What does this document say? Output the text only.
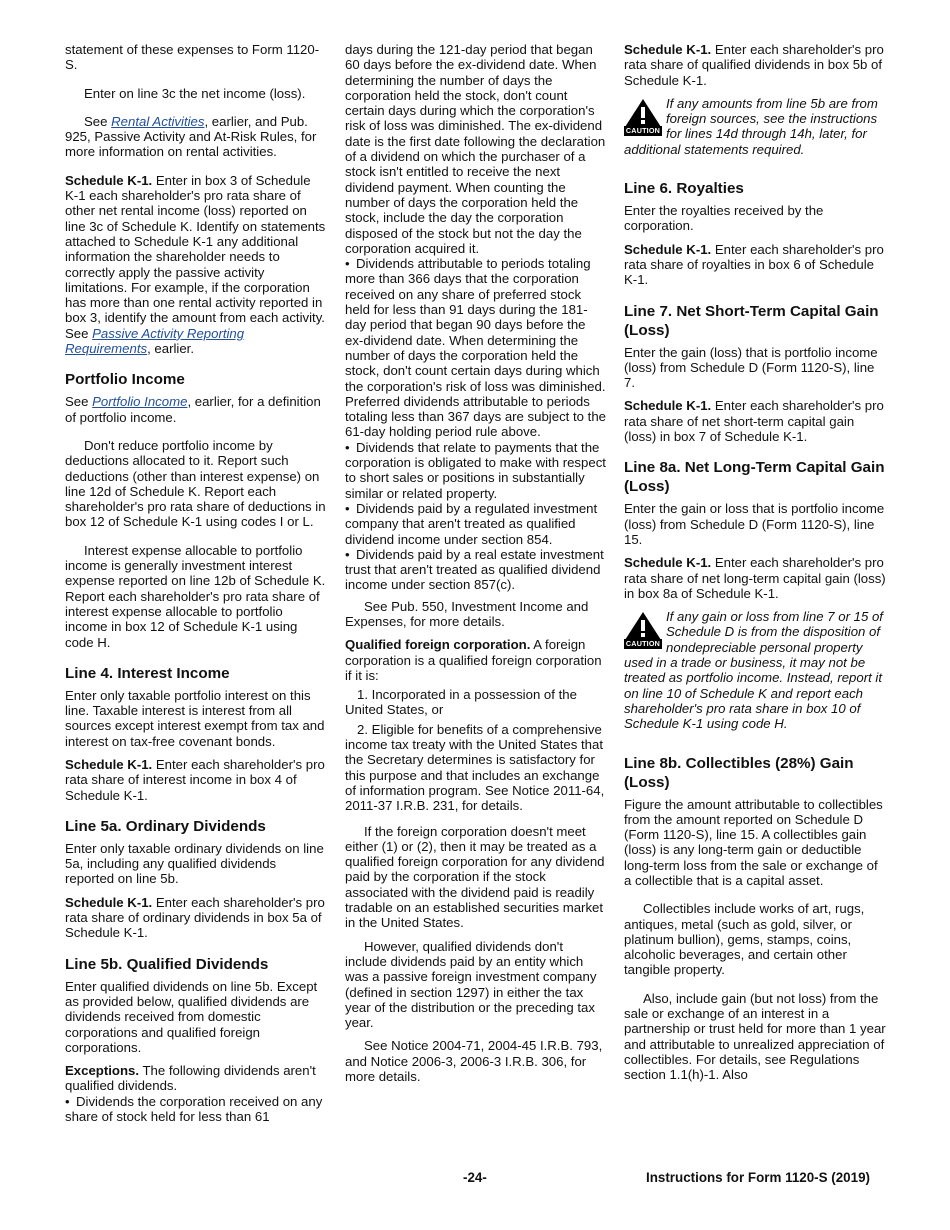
statement of these expenses to Form 1120-S.

Enter on line 3c the net income (loss).

See Rental Activities, earlier, and Pub. 925, Passive Activity and At-Risk Rules, for more information on rental activities.

Schedule K-1. Enter in box 3 of Schedule K-1 each shareholder's pro rata share of other net rental income (loss) reported on line 3c of Schedule K. Identify on statements attached to Schedule K-1 any additional information the shareholder needs to correctly apply the passive activity limitations. For example, if the corporation has more than one rental activity reported in box 3, identify the amount from each activity. See Passive Activity Reporting Requirements, earlier.

Portfolio Income

See Portfolio Income, earlier, for a definition of portfolio income.

Don't reduce portfolio income by deductions allocated to it. Report such deductions (other than interest expense) on line 12d of Schedule K. Report each shareholder's pro rata share of deductions in box 12 of Schedule K-1 using codes I or L.

Interest expense allocable to portfolio income is generally investment interest expense reported on line 12b of Schedule K. Report each shareholder's pro rata share of interest expense allocable to portfolio income in box 12 of Schedule K-1 using code H.

Line 4. Interest Income

Enter only taxable portfolio interest on this line. Taxable interest is interest from all sources except interest exempt from tax and interest on tax-free covenant bonds.

Schedule K-1. Enter each shareholder's pro rata share of interest income in box 4 of Schedule K-1.

Line 5a. Ordinary Dividends

Enter only taxable ordinary dividends on line 5a, including any qualified dividends reported on line 5b.

Schedule K-1. Enter each shareholder's pro rata share of ordinary dividends in box 5a of Schedule K-1.

Line 5b. Qualified Dividends

Enter qualified dividends on line 5b. Except as provided below, qualified dividends are dividends received from domestic corporations and qualified foreign corporations.

Exceptions. The following dividends aren't qualified dividends.

• Dividends the corporation received on any share of stock held for less than 61

days during the 121-day period that began 60 days before the ex-dividend date. When determining the number of days the corporation held the stock, don't count certain days during which the corporation's risk of loss was diminished. The ex-dividend date is the first date following the declaration of a dividend on which the purchaser of a stock isn't entitled to receive the next dividend payment. When counting the number of days the corporation held the stock, include the day the corporation disposed of the stock but not the day the corporation acquired it.

• Dividends attributable to periods totaling more than 366 days that the corporation received on any share of preferred stock held for less than 91 days during the 181-day period that began 90 days before the ex-dividend date. When determining the number of days the corporation held the stock, don't count certain days during which the corporation's risk of loss was diminished. Preferred dividends attributable to periods totaling less than 367 days are subject to the 61-day holding period rule above.
• Dividends that relate to payments that the corporation is obligated to make with respect to short sales or positions in substantially similar or related property.
• Dividends paid by a regulated investment company that aren't treated as qualified dividend income under section 854.
• Dividends paid by a real estate investment trust that aren't treated as qualified dividend income under section 857(c).

See Pub. 550, Investment Income and Expenses, for more details.

Qualified foreign corporation. A foreign corporation is a qualified foreign corporation if it is:

1. Incorporated in a possession of the United States, or
2. Eligible for benefits of a comprehensive income tax treaty with the United States that the Secretary determines is satisfactory for this purpose and that includes an exchange of information program. See Notice 2011-64, 2011-37 I.R.B. 231, for details.

If the foreign corporation doesn't meet either (1) or (2), then it may be treated as a qualified foreign corporation for any dividend paid by the corporation if the stock associated with the dividend paid is readily tradable on an established securities market in the United States.

However, qualified dividends don't include dividends paid by an entity which was a passive foreign investment company (defined in section 1297) in either the tax year of the distribution or the preceding tax year.

See Notice 2004-71, 2004-45 I.R.B. 793, and Notice 2006-3, 2006-3 I.R.B. 306, for more details.

Schedule K-1. Enter each shareholder's pro rata share of qualified dividends in box 5b of Schedule K-1.

CAUTION
If any amounts from line 5b are from foreign sources, see the instructions for lines 14d through 14h, later, for additional statements required.
Line 6. Royalties

Enter the royalties received by the corporation.

Schedule K-1. Enter each shareholder's pro rata share of royalties in box 6 of Schedule K-1.

Line 7. Net Short-Term Capital Gain (Loss)

Enter the gain (loss) that is portfolio income (loss) from Schedule D (Form 1120-S), line 7.

Schedule K-1. Enter each shareholder's pro rata share of net short-term capital gain (loss) in box 7 of Schedule K-1.

Line 8a. Net Long-Term Capital Gain (Loss)

Enter the gain or loss that is portfolio income (loss) from Schedule D (Form 1120-S), line 15.

Schedule K-1. Enter each shareholder's pro rata share of net long-term capital gain (loss) in box 8a of Schedule K-1.

CAUTION
If any gain or loss from line 7 or 15 of Schedule D is from the disposition of nondepreciable personal property used in a trade or business, it may not be treated as portfolio income. Instead, report it on line 10 of Schedule K and report each shareholder's pro rata share in box 10 of Schedule K-1 using code H.
Line 8b. Collectibles (28%) Gain (Loss)

Figure the amount attributable to collectibles from the amount reported on Schedule D (Form 1120-S), line 15. A collectibles gain (loss) is any long-term gain or deductible long-term loss from the sale or exchange of a collectible that is a capital asset.

Collectibles include works of art, rugs, antiques, metal (such as gold, silver, or platinum bullion), gems, stamps, coins, alcoholic beverages, and certain other tangible property.

Also, include gain (but not loss) from the sale or exchange of an interest in a partnership or trust held for more than 1 year and attributable to unrealized appreciation of collectibles. For details, see Regulations section 1.1(h)-1. Also

-24-	Instructions for Form 1120-S (2019)
